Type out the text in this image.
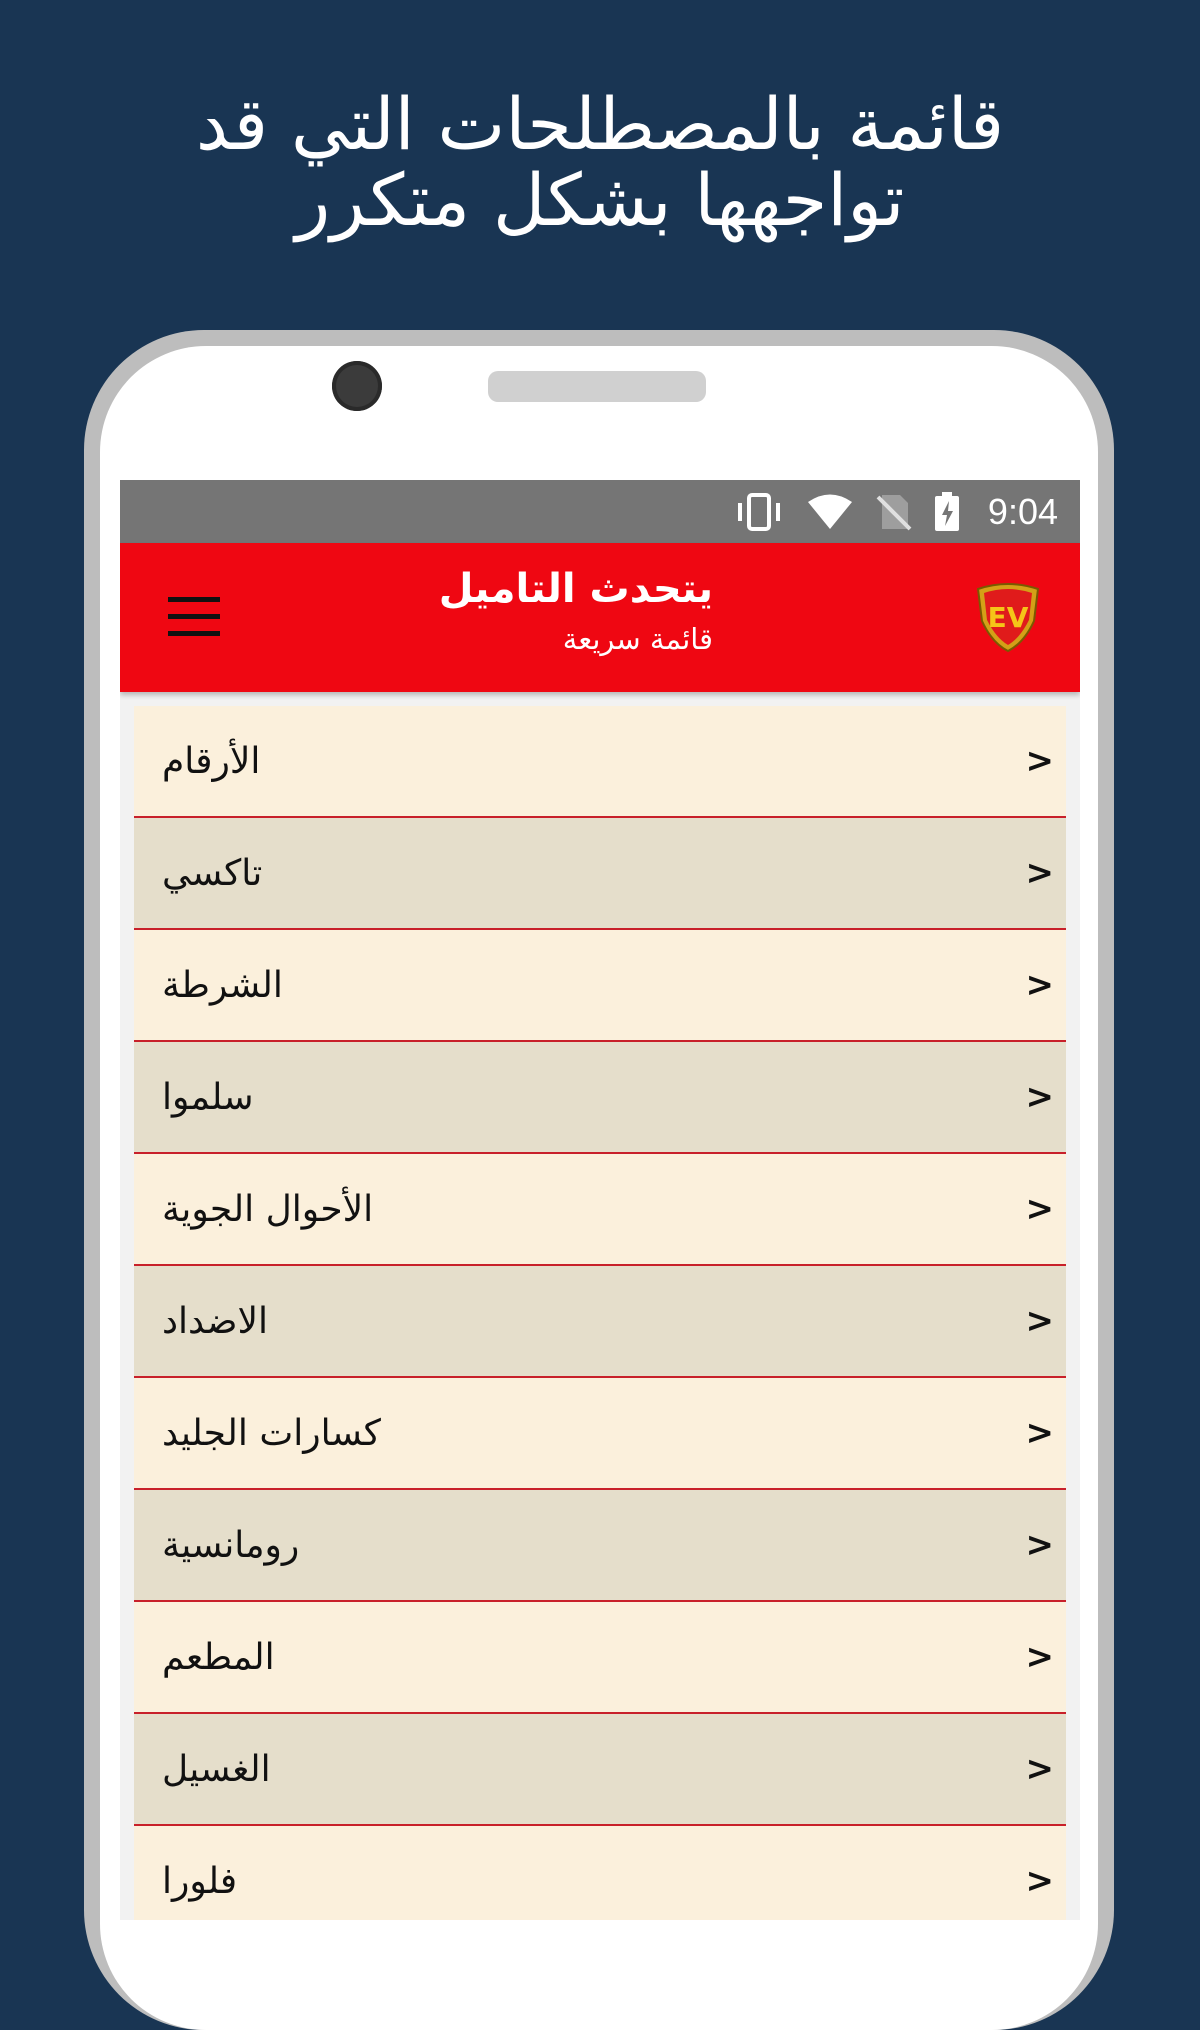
قائمة بالمصطلحات التي قد
تواجهها بشكل متكرر
9:04
يتحدث التاميل
قائمة سريعة
EV
الأرقام	>
تاكسي	>
الشرطة	>
سلموا	>
الأحوال الجوية	>
الاضداد	>
كسارات الجليد	>
رومانسية	>
المطعم	>
الغسيل	>
فلورا	>
